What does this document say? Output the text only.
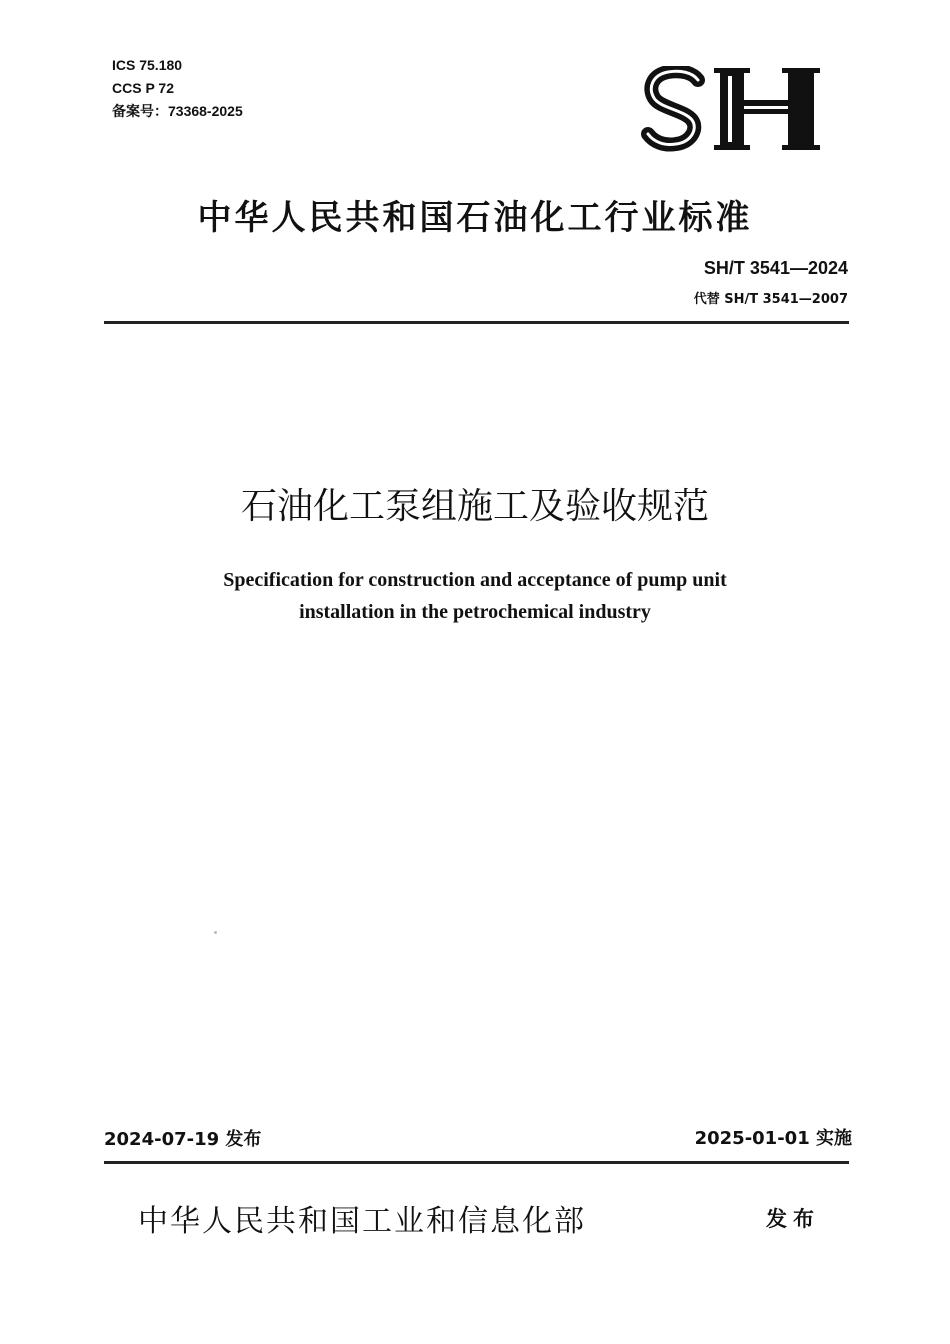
ICS 75.180
CCS P 72
备案号：73368-2025
中华人民共和国石油化工行业标准
SH/T 3541—2024
代替 SH/T 3541—2007
石油化工泵组施工及验收规范
Specification for construction and acceptance of pump unit
installation in the petrochemical industry
2024-07-19 发布	2025-01-01 实施
中华人民共和国工业和信息化部	发布
